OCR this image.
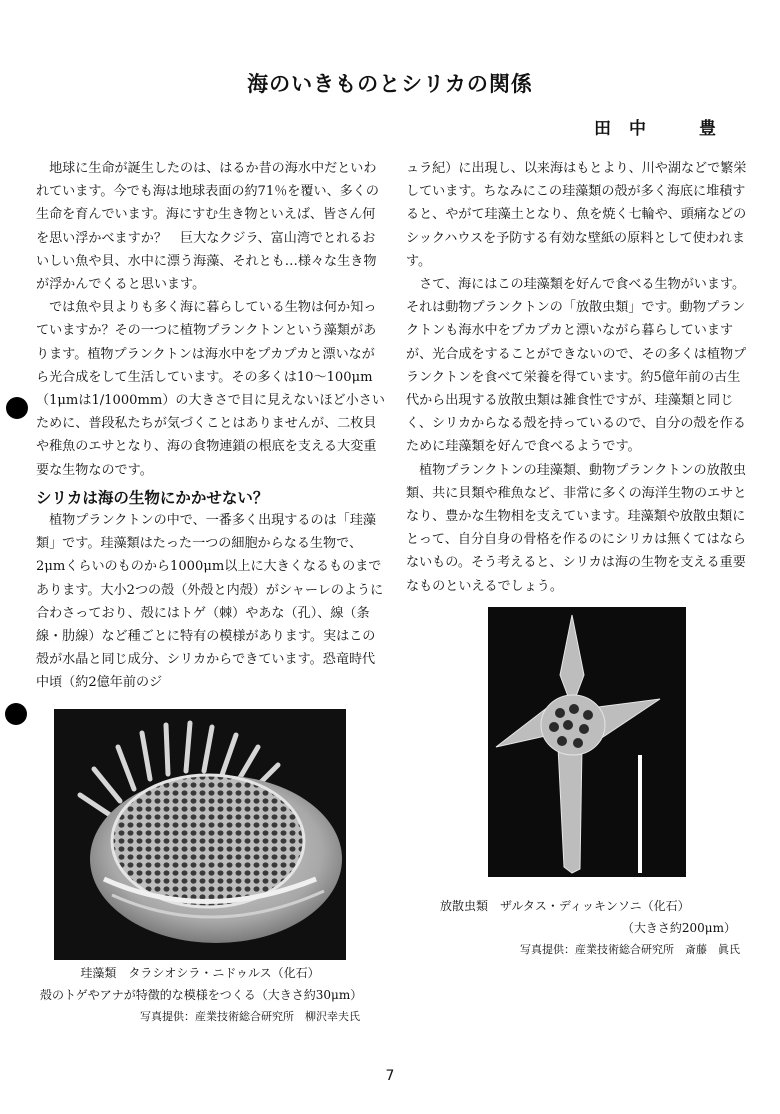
海のいきものとシリカの関係
田中　豊

地球に生命が誕生したのは、はるか昔の海水中だといわれています。今でも海は地球表面の約71％を覆い、多くの生命を育んでいます。海にすむ生き物といえば、皆さん何を思い浮かべますか？　巨大なクジラ、富山湾でとれるおいしい魚や貝、水中に漂う海藻、それとも…様々な生き物が浮かんでくると思います。

では魚や貝よりも多く海に暮らしている生物は何か知っていますか？その一つに植物プランクトンという藻類があります。植物プランクトンは海水中をプカプカと漂いながら光合成をして生活しています。その多くは10〜100μm（1μmは1/1000mm）の大きさで目に見えないほど小さいために、普段私たちが気づくことはありませんが、二枚貝や稚魚のエサとなり、海の食物連鎖の根底を支える大変重要な生物なのです。

シリカは海の生物にかかせない？

植物プランクトンの中で、一番多く出現するのは「珪藻類」です。珪藻類はたった一つの細胞からなる生物で、2μmくらいのものから1000μm以上に大きくなるものまであります。大小2つの殻（外殻と内殻）がシャーレのように合わさっており、殻にはトゲ（棘）やあな（孔）、線（条線・肋線）など種ごとに特有の模様があります。実はこの殻が水晶と同じ成分、シリカからできています。恐竜時代中頃（約2億年前のジ

ュラ紀）に出現し、以来海はもとより、川や湖などで繁栄しています。ちなみにこの珪藻類の殻が多く海底に堆積すると、やがて珪藻土となり、魚を焼く七輪や、頭痛などのシックハウスを予防する有効な壁紙の原料として使われます。

さて、海にはこの珪藻類を好んで食べる生物がいます。それは動物プランクトンの「放散虫類」です。動物プランクトンも海水中をプカプカと漂いながら暮らしていますが、光合成をすることができないので、その多くは植物プランクトンを食べて栄養を得ています。約5億年前の古生代から出現する放散虫類は雑食性ですが、珪藻類と同じく、シリカからなる殻を持っているので、自分の殻を作るために珪藻類を好んで食べるようです。

植物プランクトンの珪藻類、動物プランクトンの放散虫類、共に貝類や稚魚など、非常に多くの海洋生物のエサとなり、豊かな生物相を支えています。珪藻類や放散虫類にとって、自分自身の骨格を作るのにシリカは無くてはならないもの。そう考えると、シリカは海の生物を支える重要なものといえるでしょう。

珪藻類　タラシオシラ・ニドゥルス（化石）
殻のトゲやアナが特徴的な模様をつくる（大きさ約30μm）
写真提供：産業技術総合研究所　柳沢幸夫氏
放散虫類　ザルタス・ディッキンソニ（化石）
（大きさ約200μm）
写真提供：産業技術総合研究所　斎藤　眞氏
7
